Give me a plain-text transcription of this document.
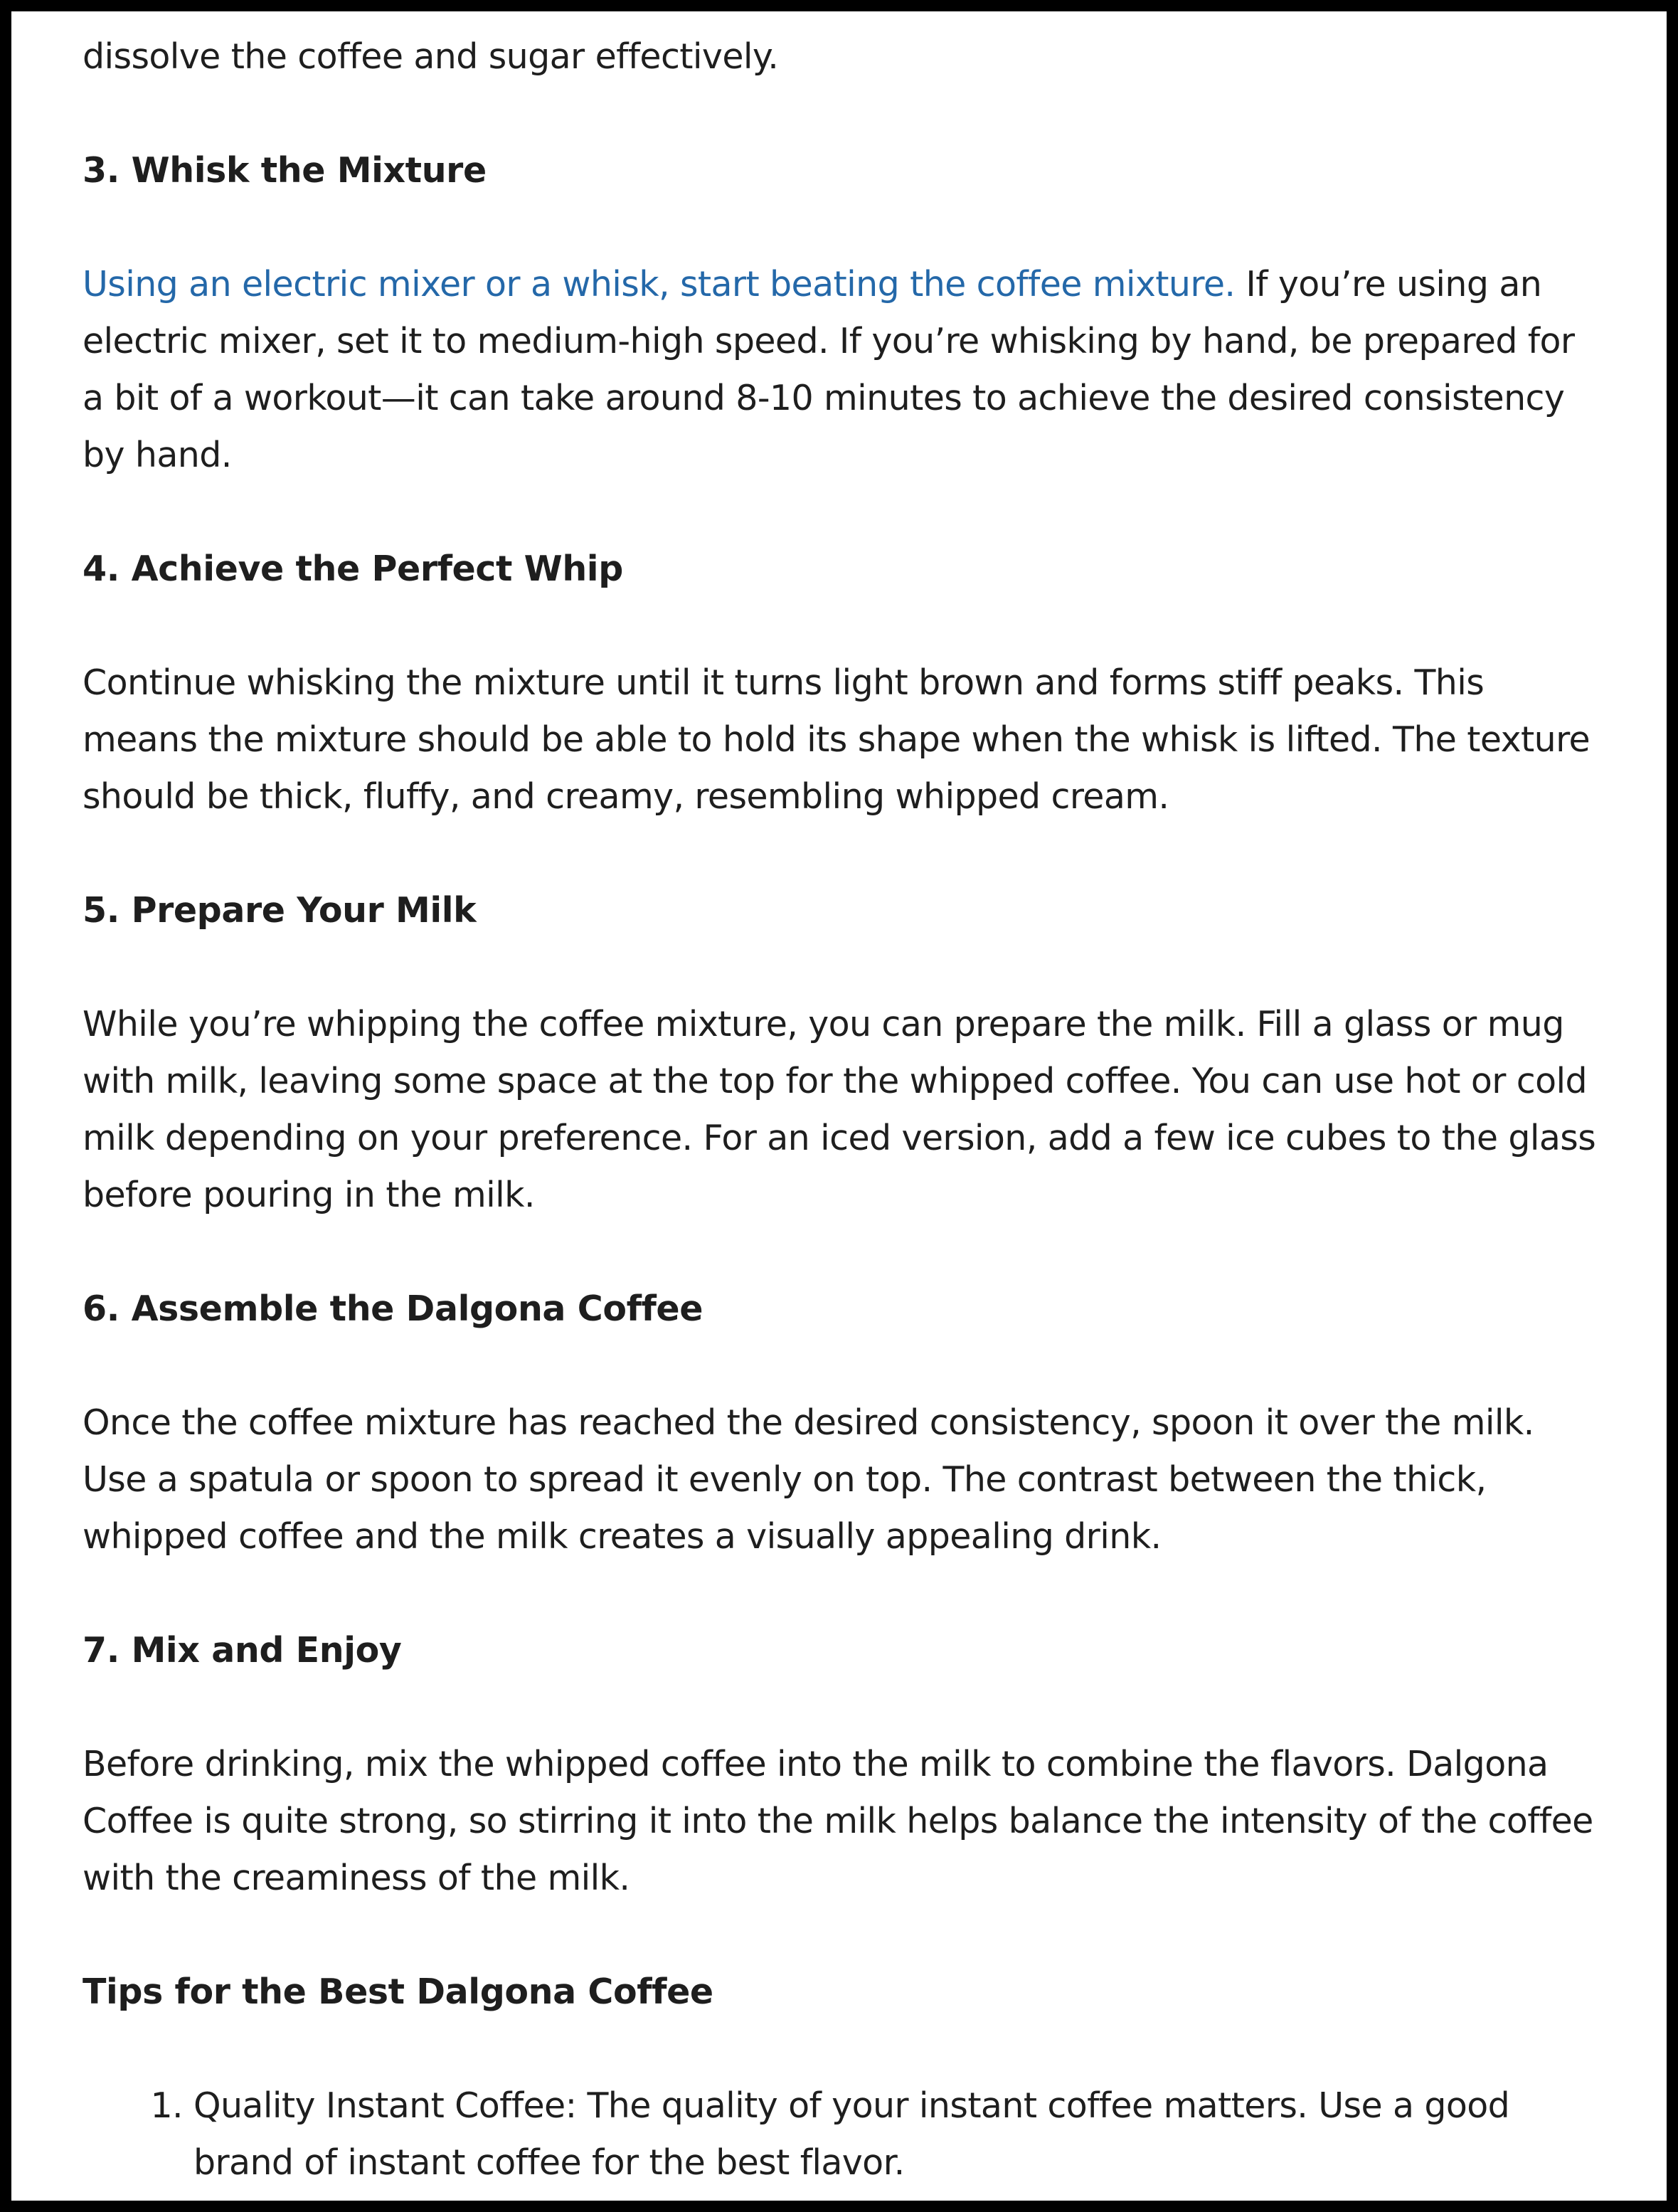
dissolve the coffee and sugar effectively.

3. Whisk the Mixture

Using an electric mixer or a whisk, start beating the coffee mixture. If you’re using an electric mixer, set it to medium-high speed. If you’re whisking by hand, be prepared for a bit of a workout—it can take around 8-10 minutes to achieve the desired consistency by hand.

4. Achieve the Perfect Whip

Continue whisking the mixture until it turns light brown and forms stiff peaks. This means the mixture should be able to hold its shape when the whisk is lifted. The texture should be thick, fluffy, and creamy, resembling whipped cream.

5. Prepare Your Milk

While you’re whipping the coffee mixture, you can prepare the milk. Fill a glass or mug with milk, leaving some space at the top for the whipped coffee. You can use hot or cold milk depending on your preference. For an iced version, add a few ice cubes to the glass before pouring in the milk.

6. Assemble the Dalgona Coffee

Once the coffee mixture has reached the desired consistency, spoon it over the milk. Use a spatula or spoon to spread it evenly on top. The contrast between the thick, whipped coffee and the milk creates a visually appealing drink.

7. Mix and Enjoy

Before drinking, mix the whipped coffee into the milk to combine the flavors. Dalgona Coffee is quite strong, so stirring it into the milk helps balance the intensity of the coffee with the creaminess of the milk.

Tips for the Best Dalgona Coffee
1. Quality Instant Coffee: The quality of your instant coffee matters. Use a good brand of instant coffee for the best flavor.
